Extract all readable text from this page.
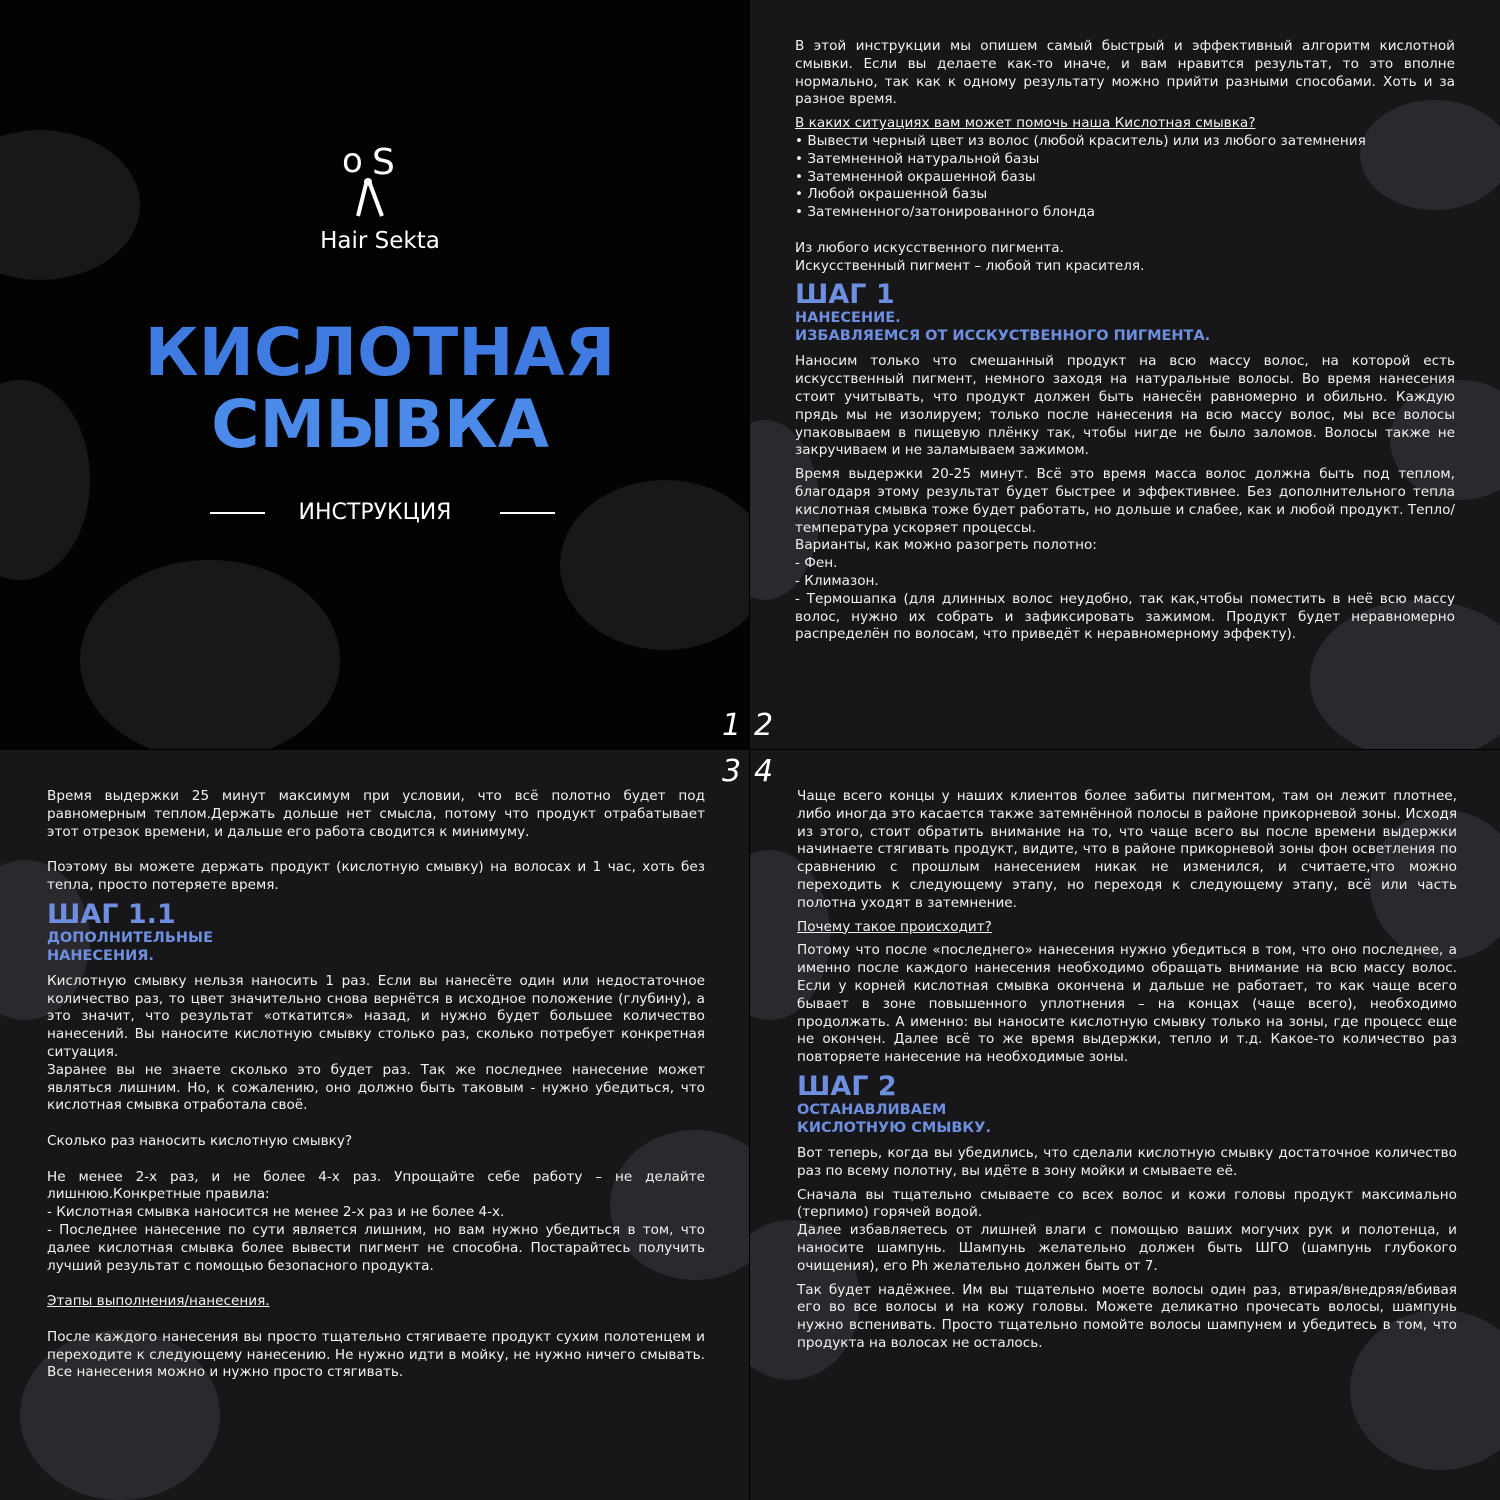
o S
Hair Sekta
КИСЛОТНАЯ
СМЫВКА
ИНСТРУКЦИЯ

В этой инструкции мы опишем самый быстрый и эффективный алгоритм кислотной смывки. Если вы делаете как-то иначе, и вам нравится результат, то это вполне нормально, так как к одному результату можно прийти разными способами. Хоть и за разное время.

В каких ситуациях вам может помочь наша Кислотная смывка?

• Вывести черный цвет из волос (любой краситель) или из любого затемнения

• Затемненной натуральной базы

• Затемненной окрашенной базы

• Любой окрашенной базы

• Затемненного/затонированного блонда

Из любого искусственного пигмента.

Искусственный пигмент – любой тип красителя.

ШАГ 1
НАНЕСЕНИЕ.
ИЗБАВЛЯЕМСЯ ОТ ИССКУСТВЕННОГО ПИГМЕНТА.

Наносим только что смешанный продукт на всю массу волос, на которой есть искусственный пигмент, немного заходя на натуральные волосы. Во время нанесения стоит учитывать, что продукт должен быть нанесён равномерно и обильно. Каждую прядь мы не изолируем; только после нанесения на всю массу волос, мы все волосы упаковываем в пищевую плёнку так, чтобы нигде не было заломов. Волосы также не закручиваем и не заламываем зажимом.

Время выдержки 20-25 минут. Всё это время масса волос должна быть под теплом, благодаря этому результат будет быстрее и эффективнее. Без дополнительного тепла кислотная смывка тоже будет работать, но дольше и слабее, как и любой продукт. Тепло/температура ускоряет процессы.

Варианты, как можно разогреть полотно:

- Фен.

- Климазон.

- Термошапка (для длинных волос неудобно, так как,чтобы поместить в неё всю массу волос, нужно их собрать и зафиксировать зажимом. Продукт будет неравномерно распределён по волосам, что приведёт к неравномерному эффекту).

Время выдержки 25 минут максимум при условии, что всё полотно будет под равномерным теплом.Держать дольше нет смысла, потому что продукт отрабатывает этот отрезок времени, и дальше его работа сводится к минимуму.

Поэтому вы можете держать продукт (кислотную смывку) на волосах и 1 час, хоть без тепла, просто потеряете время.

ШАГ 1.1
ДОПОЛНИТЕЛЬНЫЕ
НАНЕСЕНИЯ.

Кислотную смывку нельзя наносить 1 раз. Если вы нанесёте один или недостаточное количество раз, то цвет значительно снова вернётся в исходное положение (глубину), а это значит, что результат «откатится» назад, и нужно будет большее количество нанесений. Вы наносите кислотную смывку столько раз, сколько потребует конкретная ситуация.

Заранее вы не знаете сколько это будет раз. Так же последнее нанесение может являться лишним. Но, к сожалению, оно должно быть таковым - нужно убедиться, что кислотная смывка отработала своё.

Сколько раз наносить кислотную смывку?

Не менее 2-х раз, и не более 4-х раз. Упрощайте себе работу – не делайте лишнюю.Конкретные правила:

- Кислотная смывка наносится не менее 2-х раз и не более 4-х.

- Последнее нанесение по сути является лишним, но вам нужно убедиться в том, что далее кислотная смывка более вывести пигмент не способна. Постарайтесь получить лучший результат с помощью безопасного продукта.

Этапы выполнения/нанесения.

После каждого нанесения вы просто тщательно стягиваете продукт сухим полотенцем и переходите к следующему нанесению. Не нужно идти в мойку, не нужно ничего смывать. Все нанесения можно и нужно просто стягивать.

Чаще всего концы у наших клиентов более забиты пигментом, там он лежит плотнее, либо иногда это касается также затемнённой полосы в районе прикорневой зоны. Исходя из этого, стоит обратить внимание на то, что чаще всего вы после времени выдержки начинаете стягивать продукт, видите, что в районе прикорневой зоны фон осветления по сравнению с прошлым нанесением никак не изменился, и считаете,что можно переходить к следующему этапу, но переходя к следующему этапу, всё или часть полотна уходят в затемнение.

Почему такое происходит?

Потому что после «последнего» нанесения нужно убедиться в том, что оно последнее, а именно после каждого нанесения необходимо обращать внимание на всю массу волос. Если у корней кислотная смывка окончена и дальше не работает, то как чаще всего бывает в зоне повышенного уплотнения – на концах (чаще всего), необходимо продолжать. А именно: вы наносите кислотную смывку только на зоны, где процесс еще не окончен. Далее всё то же время выдержки, тепло и т.д. Какое-то количество раз повторяете нанесение на необходимые зоны.

ШАГ 2
ОСТАНАВЛИВАЕМ
КИСЛОТНУЮ СМЫВКУ.

Вот теперь, когда вы убедились, что сделали кислотную смывку достаточное количество раз по всему полотну, вы идёте в зону мойки и смываете её.

Сначала вы тщательно смываете со всех волос и кожи головы продукт максимально (терпимо) горячей водой.

Далее избавляетесь от лишней влаги с помощью ваших могучих рук и полотенца, и наносите шампунь. Шампунь желательно должен быть ШГО (шампунь глубокого очищения), его Ph желательно должен быть от 7.

Так будет надёжнее. Им вы тщательно моете волосы один раз, втирая/внедряя/вбивая его во все волосы и на кожу головы. Можете деликатно прочесать волосы, шампунь нужно вспенивать. Просто тщательно помойте волосы шампунем и убедитесь в том, что продукта на волосах не осталось.

1 2
3 4
